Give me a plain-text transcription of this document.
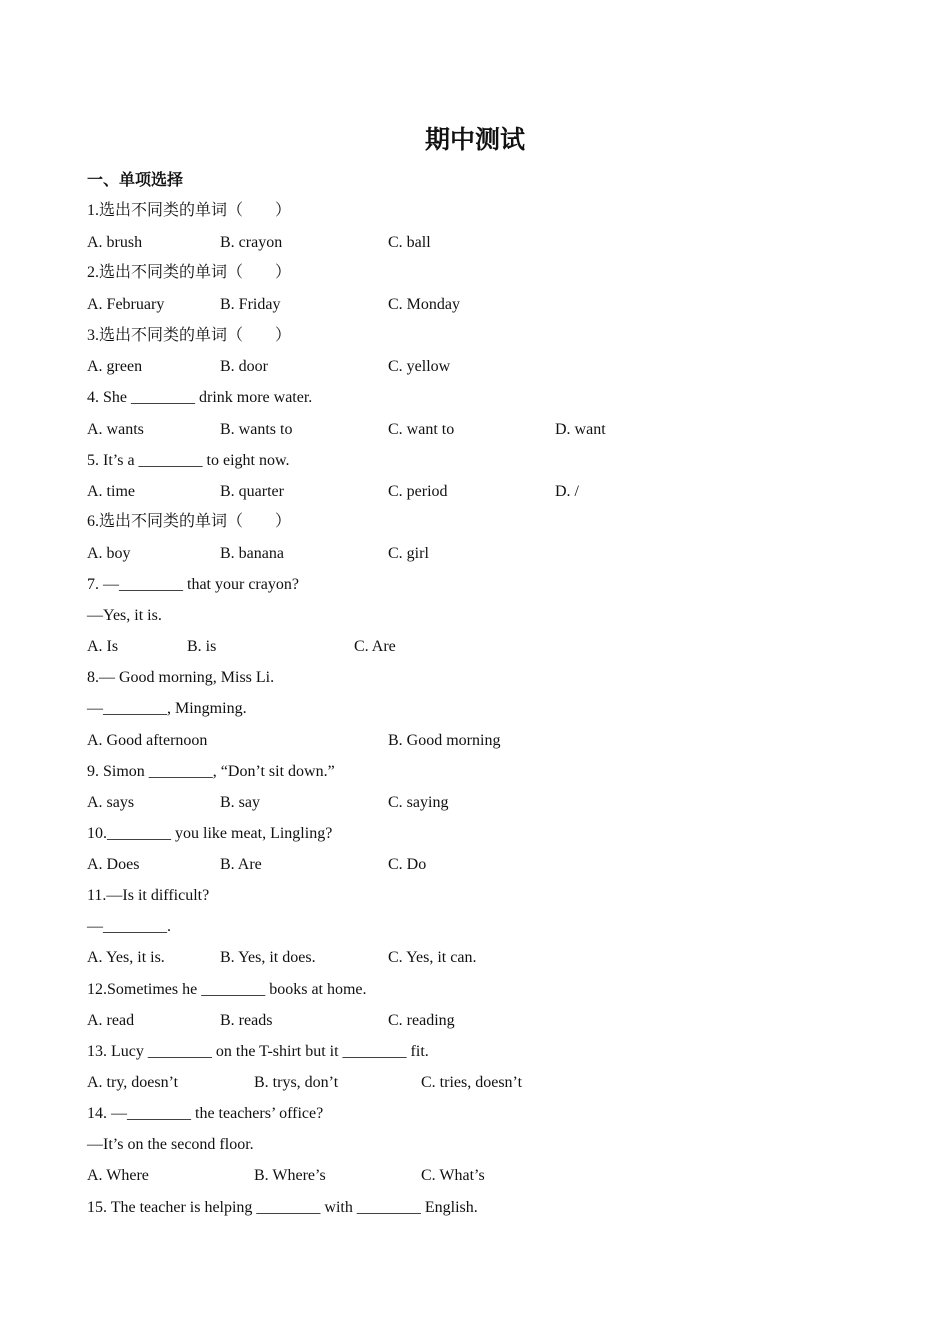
期中测试
一、单项选择
1.选出不同类的单词（　　）
A. brush	B. crayon	C. ball
2.选出不同类的单词（　　）
A. February	B. Friday	C. Monday
3.选出不同类的单词（　　）
A. green	B. door	C. yellow
4. She ________ drink more water.
A. wants	B. wants to	C. want to	D. want
5. It’s a ________ to eight now.
A. time	B. quarter	C. period	D. /
6.选出不同类的单词（　　）
A. boy	B. banana	C. girl
7. —________ that your crayon?
—Yes, it is.
A. Is	B. is	C. Are
8.— Good morning, Miss Li.
—________, Mingming.
A. Good afternoon	B. Good morning
9. Simon ________, “Don’t sit down.”
A. says	B. say	C. saying
10.________ you like meat, Lingling?
A. Does	B. Are	C. Do
11.—Is it difficult?
—________.
A. Yes, it is.	B. Yes, it does.	C. Yes, it can.
12.Sometimes he ________ books at home.
A. read	B. reads	C. reading
13. Lucy ________ on the T-shirt but it ________ fit.
A. try, doesn’t	B. trys, don’t	C. tries, doesn’t
14. —________ the teachers’ office?
—It’s on the second floor.
A. Where	B. Where’s	C. What’s
15. The teacher is helping ________ with ________ English.
